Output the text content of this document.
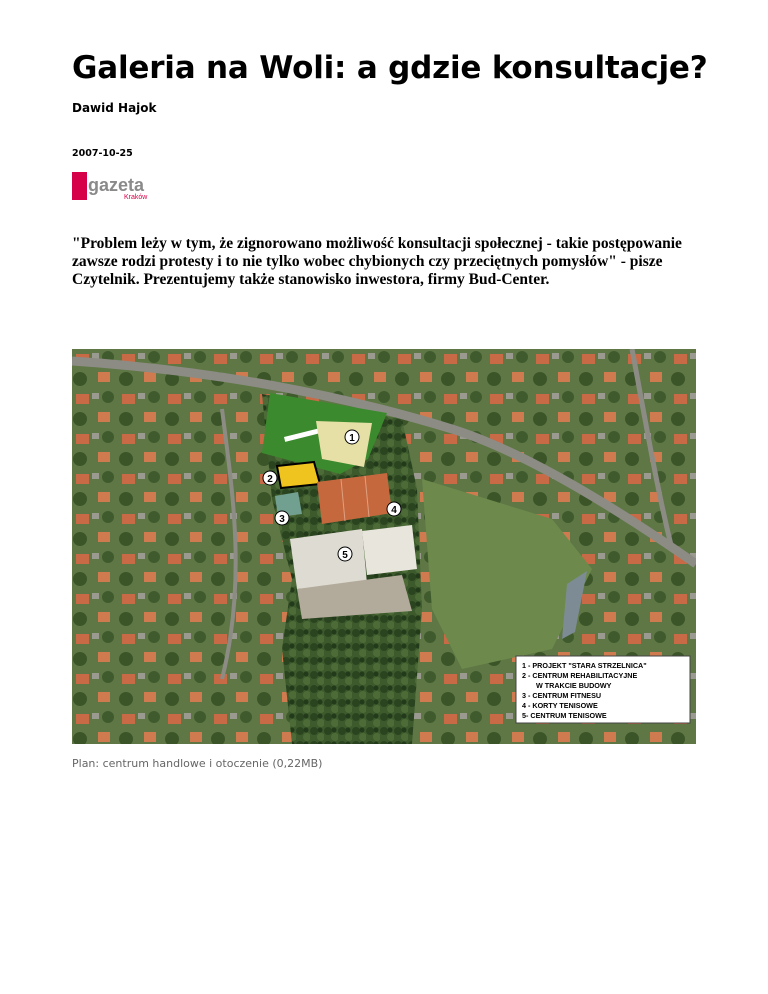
Galeria na Woli: a gdzie konsultacje?
Dawid Hajok
2007-10-25
gazeta
Kraków
"Problem leży w tym, że zignorowano możliwość konsultacji społecznej - takie postępowanie zawsze rodzi protesty i to nie tylko wobec chybionych czy przeciętnych pomysłów" - pisze Czytelnik. Prezentujemy także stanowisko inwestora, firmy Bud-Center.
1
2
3
4
5
1 - PROJEKT "STARA STRZELNICA"
2 - CENTRUM REHABILITACYJNE
W TRAKCIE BUDOWY
3 - CENTRUM FITNESU
4 - KORTY TENISOWE
5- CENTRUM TENISOWE
Plan: centrum handlowe i otoczenie (0,22MB)
